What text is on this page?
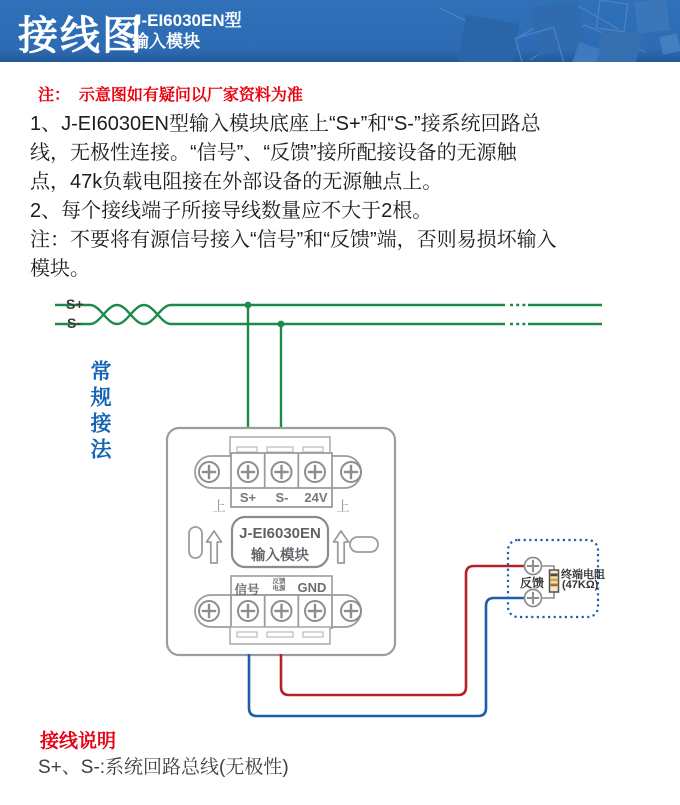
接线图
J-EI6030EN型
输入模块
注：  示意图如有疑问以厂家资料为准
1、J-EI6030EN型输入模块底座上“S+”和“S-”接系统回路总
线，无极性连接。“信号”、“反馈”接所配接设备的无源触
点，47k负载电阻接在外部设备的无源触点上。
2、每个接线端子所接导线数量应不大于2根。
注：不要将有源信号接入“信号”和“反馈”端，否则易损坏输入
模块。
S+
S-
常规接法
S+ S- 24V
上	上
J-EI6030EN
输入模块
信号
反馈
电源 GND	反馈
终端电阻
(47KΩ)
接线说明
S+、S-:系统回路总线(无极性)
